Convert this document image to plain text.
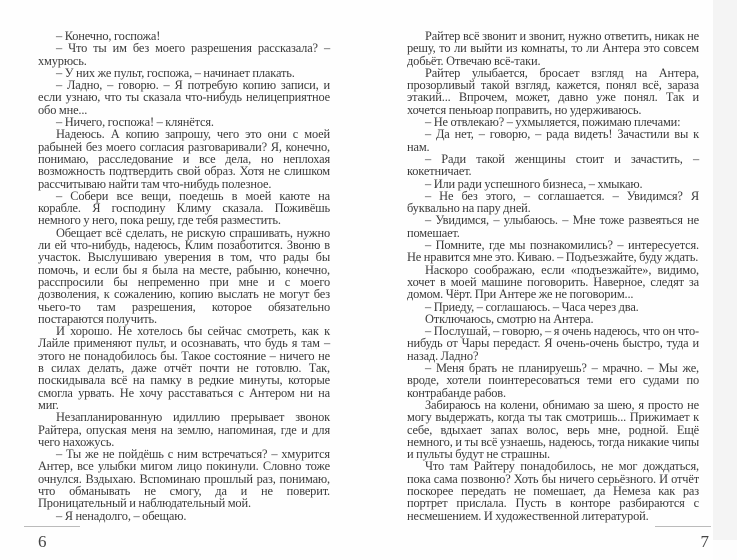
– Конечно, госпожа!

– Что ты им без моего разрешения рассказала? – хмурюсь.

– У них же пульт, госпожа, – начинает плакать.

– Ладно, – говорю. – Я потребую копию записи, и если узнаю, что ты сказала что-нибудь нелицеприятное обо мне...

– Ничего, госпожа! – клянётся.

Надеюсь. А копию запрошу, чего это они с моей рабыней без моего согласия разговаривали? Я, конечно, понимаю, расследование и все дела, но неплохая возможность подтвердить свой образ. Хотя не слишком рассчитываю найти там что-нибудь полезное.

– Собери все вещи, поедешь в моей каюте на корабле. Я господину Климу сказала. Поживёшь немного у него, пока решу, где тебя разместить.

Обещает всё сделать, не рискую спрашивать, нужно ли ей что-нибудь, надеюсь, Клим позаботится. Звоню в участок. Выслушиваю уверения в том, что рады бы помочь, и если бы я была на месте, рабыню, конечно, расспросили бы непременно при мне и с моего дозволения, к сожалению, копию выслать не могут без чьего-то там разрешения, которое обязательно постараются получить.

И хорошо. Не хотелось бы сейчас смотреть, как к Лайле применяют пульт, и осознавать, что будь я там – этого не понадобилось бы. Такое состояние – ничего не в силах делать, даже отчёт почти не готовлю. Так, поскидывала всё на памку в редкие минуты, которые смогла урвать. Не хочу расставаться с Антером ни на миг.

Незапланированную идиллию прерывает звонок Райтера, опуская меня на землю, напоминая, где и для чего нахожусь.

– Ты же не пойдёшь с ним встречаться? – хмурится Антер, все улыбки мигом лицо покинули. Словно тоже очнулся. Вздыхаю. Вспоминаю прошлый раз, понимаю, что обманывать не смогу, да и не поверит. Проницательный и наблюдательный мой.

– Я ненадолго, – обещаю.

6

Райтер всё звонит и звонит, нужно ответить, никак не решу, то ли выйти из комнаты, то ли Антера это совсем добьёт. Отвечаю всё-таки.

Райтер улыбается, бросает взгляд на Антера, прозорливый такой взгляд, кажется, понял всё, зараза этакий... Впрочем, может, давно уже понял. Так и хочется пеньюар поправить, но удерживаюсь.

– Не отвлекаю? – ухмыляется, пожимаю плечами:

– Да нет, – говорю, – рада видеть! Зачастили вы к нам.

– Ради такой женщины стоит и зачастить, – кокетничает.

– Или ради успешного бизнеса, – хмыкаю.

– Не без этого, – соглашается. – Увидимся? Я буквально на пару дней.

– Увидимся, – улыбаюсь. – Мне тоже развеяться не помешает.

– Помните, где мы познакомились? – интересуется. Не нравится мне это. Киваю. – Подъезжайте, буду ждать.

Наскоро соображаю, если «подъезжайте», видимо, хочет в моей машине поговорить. Наверное, следят за домом. Чёрт. При Антере же не поговорим...

– Приеду, – соглашаюсь. – Часа через два.

Отключаюсь, смотрю на Антера.

– Послушай, – говорю, – я очень надеюсь, что он что-нибудь от Чары передаст. Я очень-очень быстро, туда и назад. Ладно?

– Меня брать не планируешь? – мрачно. – Мы же, вроде, хотели поинтересоваться теми его судами по контрабанде рабов.

Забираюсь на колени, обнимаю за шею, я просто не могу выдержать, когда ты так смотришь... Прижимает к себе, вдыхает запах волос, верь мне, родной. Ещё немного, и ты всё узнаешь, надеюсь, тогда никакие чипы и пульты будут не страшны.

Что там Райтеру понадобилось, не мог дождаться, пока сама позвоню? Хоть бы ничего серьёзного. И отчёт поскорее передать не помешает, да Немеза как раз портрет прислала. Пусть в конторе разбираются с несмешением. И художественной литературой.

7
